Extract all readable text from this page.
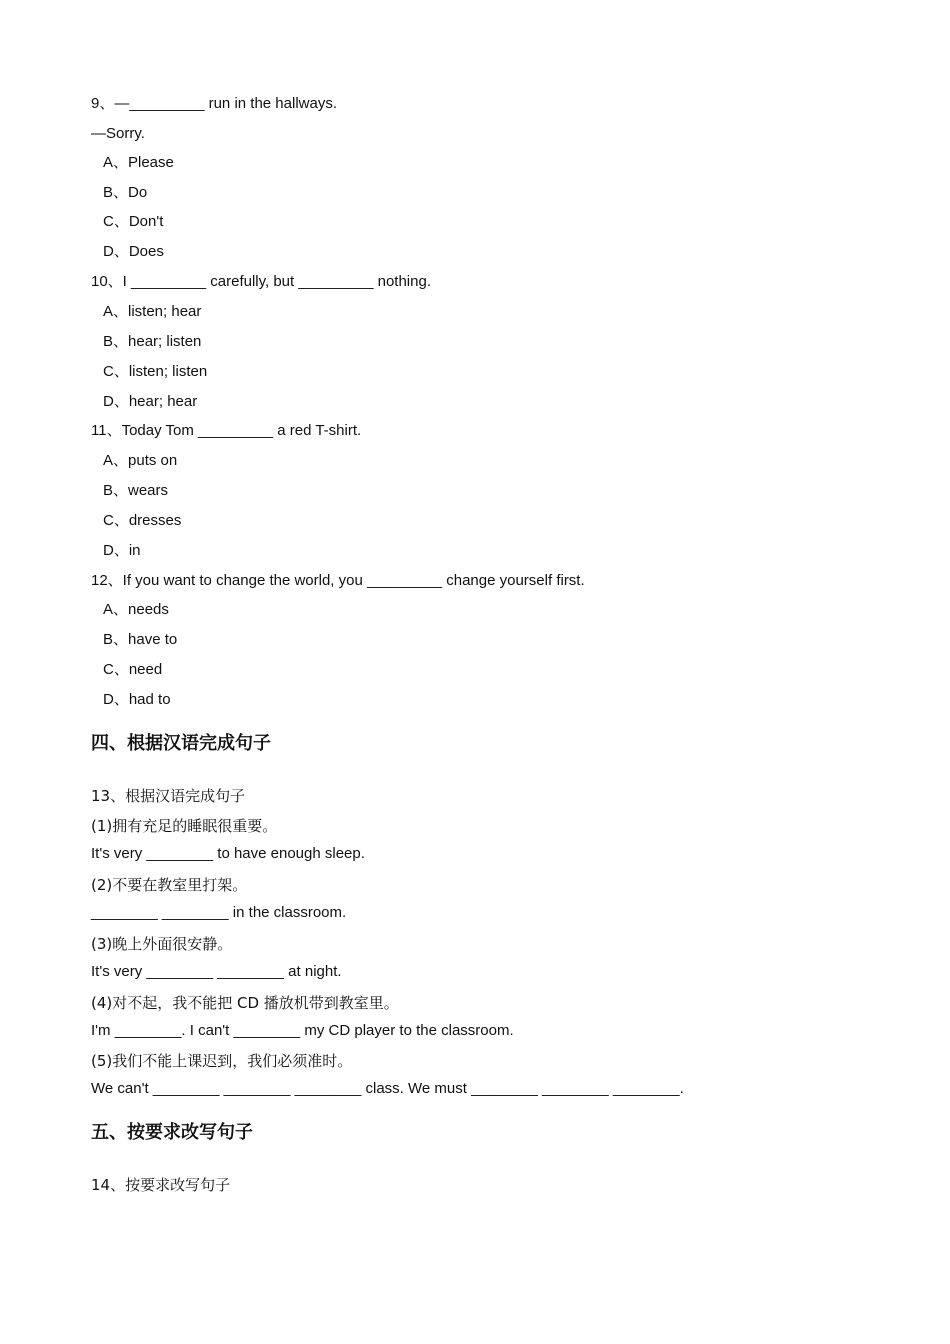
9、—_________ run in the hallways.
—Sorry.
A、Please
B、Do
C、Don't
D、Does
10、I _________ carefully, but _________ nothing.
A、listen; hear
B、hear; listen
C、listen; listen
D、hear; hear
11、Today Tom _________ a red T-shirt.
A、puts on
B、wears
C、dresses
D、in
12、If you want to change the world, you _________ change yourself first.
A、needs
B、have to
C、need
D、had to
四、根据汉语完成句子
13、根据汉语完成句子
(1)拥有充足的睡眠很重要。
It's very ________ to have enough sleep.
(2)不要在教室里打架。
________ ________ in the classroom.
(3)晚上外面很安静。
It's very ________ ________ at night.
(4)对不起，我不能把 CD 播放机带到教室里。
I'm ________. I can't ________ my CD player to the classroom.
(5)我们不能上课迟到，我们必须准时。
We can't ________ ________ ________ class. We must ________ ________ ________.
五、按要求改写句子
14、按要求改写句子
